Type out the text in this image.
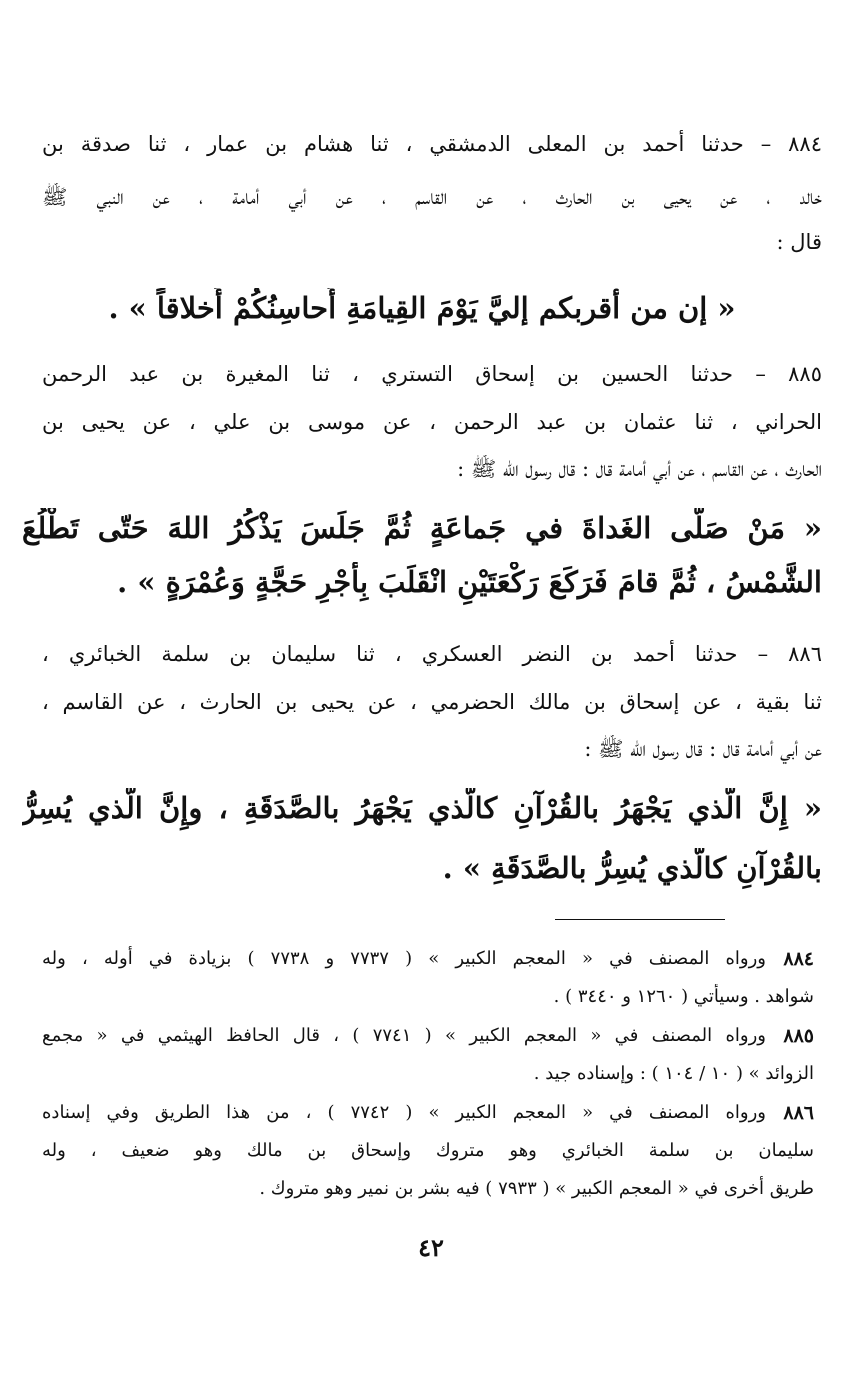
٨٨٤ – حدثنا أحمد بن المعلى الدمشقي ، ثنا هشام بن عمار ، ثنا صدقة بن
خالد ، عن يحيى بن الحارث ، عن القاسم ، عن أبي أمامة ، عن النبي ﷺ
قال :
« إن من أقربكم إليَّ يَوْمَ القِيامَةِ أَحاسِنُكُمْ أَخلاقاً » .
٨٨٥ – حدثنا الحسين بن إسحاق التستري ، ثنا المغيرة بن عبد الرحمن
الحراني ، ثنا عثمان بن عبد الرحمن ، عن موسى بن علي ، عن يحيى بن
الحارث ، عن القاسم ، عن أبي أمامة قال : قال رسول الله ﷺ :
« مَنْ صَلّى الغَداةَ في جَماعَةٍ ثُمَّ جَلَسَ يَذْكُرُ اللهَ حَتّى تَطْلُعَ
الشَّمْسُ ، ثُمَّ قامَ فَرَكَعَ رَكْعَتَيْنِ انْقَلَبَ بِأَجْرِ حَجَّةٍ وَعُمْرَةٍ » .
٨٨٦ – حدثنا أحمد بن النضر العسكري ، ثنا سليمان بن سلمة الخبائري ،
ثنا بقية ، عن إسحاق بن مالك الحضرمي ، عن يحيى بن الحارث ، عن القاسم ،
عن أبي أمامة قال : قال رسول الله ﷺ :
« إِنَّ الَّذي يَجْهَرُ بالقُرْآنِ كالَّذي يَجْهَرُ بالصَّدَقَةِ ، وإِنَّ الَّذي يُسِرُّ
بالقُرْآنِ كالَّذي يُسِرُّ بالصَّدَقَةِ » .
٨٨٤
ورواه المصنف في « المعجم الكبير » ( ٧٧٣٧ و ٧٧٣٨ ) بزيادة في أوله ، وله
شواهد . وسيأتي ( ١٢٦٠ و ٣٤٤٠ ) .
٨٨٥
ورواه المصنف في « المعجم الكبير » ( ٧٧٤١ ) ، قال الحافظ الهيثمي في « مجمع
الزوائد » ( ١٠ / ١٠٤ ) : وإسناده جيد .
٨٨٦
ورواه المصنف في « المعجم الكبير » ( ٧٧٤٢ ) ، من هذا الطريق وفي إسناده
سليمان بن سلمة الخبائري وهو متروك وإسحاق بن مالك وهو ضعيف ، وله
طريق أخرى في « المعجم الكبير » ( ٧٩٣٣ ) فيه بشر بن نمير وهو متروك .
٤٢
